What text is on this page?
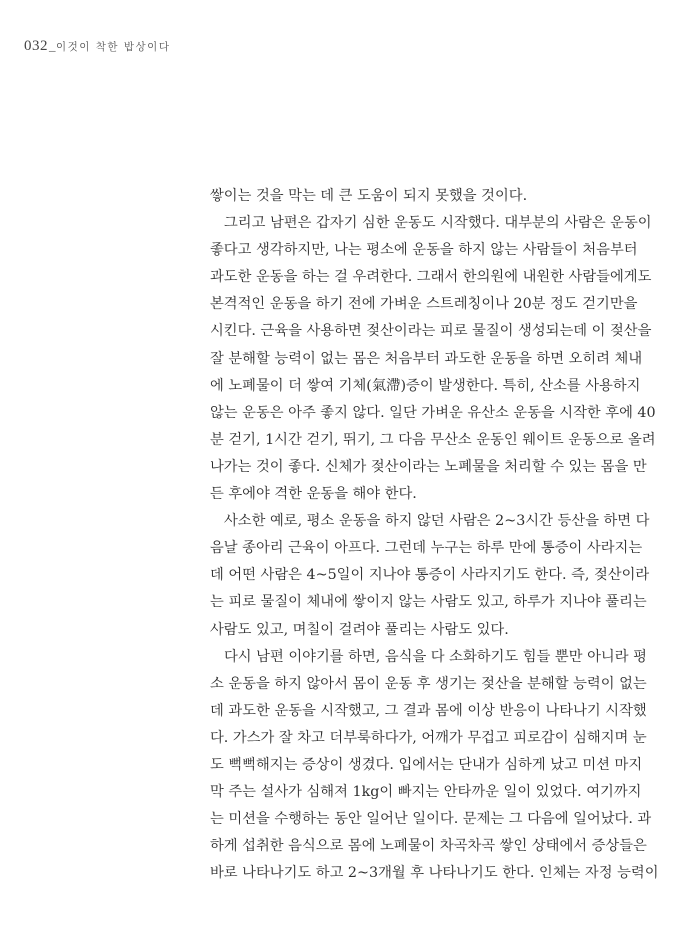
032_이것이 착한 밥상이다
쌓이는 것을 막는 데 큰 도움이 되지 못했을 것이다.
그리고 남편은 갑자기 심한 운동도 시작했다. 대부분의 사람은 운동이
좋다고 생각하지만, 나는 평소에 운동을 하지 않는 사람들이 처음부터
과도한 운동을 하는 걸 우려한다. 그래서 한의원에 내원한 사람들에게도
본격적인 운동을 하기 전에 가벼운 스트레칭이나 20분 정도 걷기만을
시킨다. 근육을 사용하면 젖산이라는 피로 물질이 생성되는데 이 젖산을
잘 분해할 능력이 없는 몸은 처음부터 과도한 운동을 하면 오히려 체내
에 노폐물이 더 쌓여 기체(氣滯)증이 발생한다. 특히, 산소를 사용하지
않는 운동은 아주 좋지 않다. 일단 가벼운 유산소 운동을 시작한 후에 40
분 걷기, 1시간 걷기, 뛰기, 그 다음 무산소 운동인 웨이트 운동으로 올려
나가는 것이 좋다. 신체가 젖산이라는 노폐물을 처리할 수 있는 몸을 만
든 후에야 격한 운동을 해야 한다.
사소한 예로, 평소 운동을 하지 않던 사람은 2~3시간 등산을 하면 다
음날 종아리 근육이 아프다. 그런데 누구는 하루 만에 통증이 사라지는
데 어떤 사람은 4~5일이 지나야 통증이 사라지기도 한다. 즉, 젖산이라
는 피로 물질이 체내에 쌓이지 않는 사람도 있고, 하루가 지나야 풀리는
사람도 있고, 며칠이 걸려야 풀리는 사람도 있다.
다시 남편 이야기를 하면, 음식을 다 소화하기도 힘들 뿐만 아니라 평
소 운동을 하지 않아서 몸이 운동 후 생기는 젖산을 분해할 능력이 없는
데 과도한 운동을 시작했고, 그 결과 몸에 이상 반응이 나타나기 시작했
다. 가스가 잘 차고 더부룩하다가, 어깨가 무겁고 피로감이 심해지며 눈
도 뻑뻑해지는 증상이 생겼다. 입에서는 단내가 심하게 났고 미션 마지
막 주는 설사가 심해져 1kg이 빠지는 안타까운 일이 있었다. 여기까지
는 미션을 수행하는 동안 일어난 일이다. 문제는 그 다음에 일어났다. 과
하게 섭취한 음식으로 몸에 노폐물이 차곡차곡 쌓인 상태에서 증상들은
바로 나타나기도 하고 2~3개월 후 나타나기도 한다. 인체는 자정 능력이
